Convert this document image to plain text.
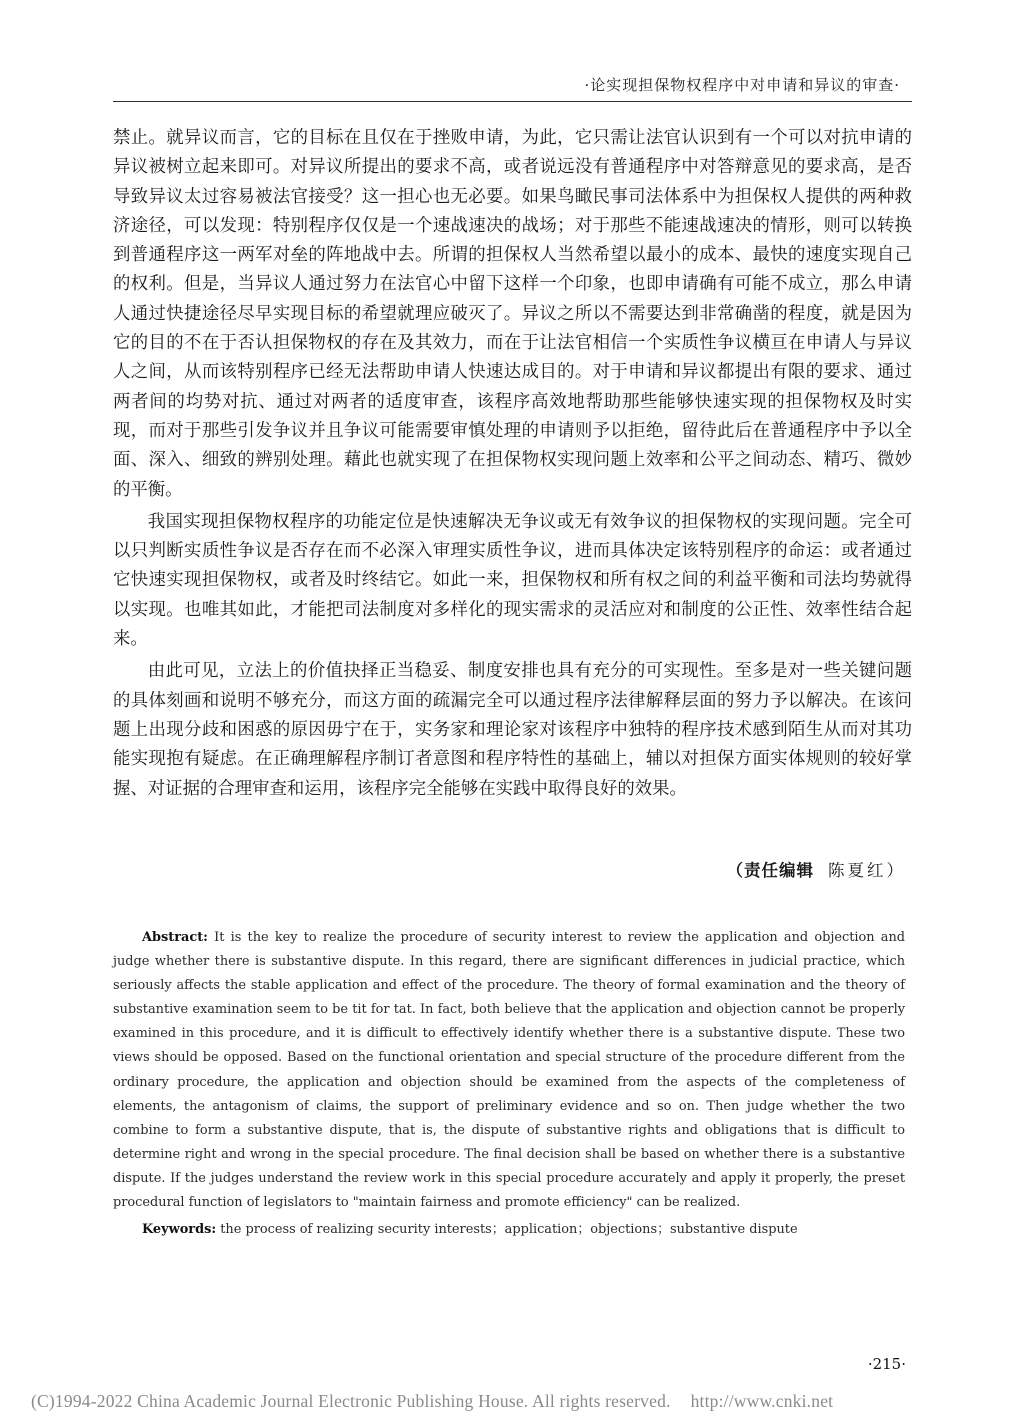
·论实现担保物权程序中对申请和异议的审查·

禁止。就异议而言，它的目标在且仅在于挫败申请，为此，它只需让法官认识到有一个可以对抗申请的异议被树立起来即可。对异议所提出的要求不高，或者说远没有普通程序中对答辩意见的要求高，是否导致异议太过容易被法官接受？这一担心也无必要。如果鸟瞰民事司法体系中为担保权人提供的两种救济途径，可以发现：特别程序仅仅是一个速战速决的战场；对于那些不能速战速决的情形，则可以转换到普通程序这一两军对垒的阵地战中去。所谓的担保权人当然希望以最小的成本、最快的速度实现自己的权利。但是，当异议人通过努力在法官心中留下这样一个印象，也即申请确有可能不成立，那么申请人通过快捷途径尽早实现目标的希望就理应破灭了。异议之所以不需要达到非常确凿的程度，就是因为它的目的不在于否认担保物权的存在及其效力，而在于让法官相信一个实质性争议横亘在申请人与异议人之间，从而该特别程序已经无法帮助申请人快速达成目的。对于申请和异议都提出有限的要求、通过两者间的均势对抗、通过对两者的适度审查，该程序高效地帮助那些能够快速实现的担保物权及时实现，而对于那些引发争议并且争议可能需要审慎处理的申请则予以拒绝，留待此后在普通程序中予以全面、深入、细致的辨别处理。藉此也就实现了在担保物权实现问题上效率和公平之间动态、精巧、微妙的平衡。

我国实现担保物权程序的功能定位是快速解决无争议或无有效争议的担保物权的实现问题。完全可以只判断实质性争议是否存在而不必深入审理实质性争议，进而具体决定该特别程序的命运：或者通过它快速实现担保物权，或者及时终结它。如此一来，担保物权和所有权之间的利益平衡和司法均势就得以实现。也唯其如此，才能把司法制度对多样化的现实需求的灵活应对和制度的公正性、效率性结合起来。

由此可见，立法上的价值抉择正当稳妥、制度安排也具有充分的可实现性。至多是对一些关键问题的具体刻画和说明不够充分，而这方面的疏漏完全可以通过程序法律解释层面的努力予以解决。在该问题上出现分歧和困惑的原因毋宁在于，实务家和理论家对该程序中独特的程序技术感到陌生从而对其功能实现抱有疑虑。在正确理解程序制订者意图和程序特性的基础上，辅以对担保方面实体规则的较好掌握、对证据的合理审查和运用，该程序完全能够在实践中取得良好的效果。

（责任编辑 陈夏红）

Abstract: It is the key to realize the procedure of security interest to review the application and objection and judge whether there is substantive dispute. In this regard, there are significant differences in judicial practice, which seriously affects the stable application and effect of the procedure. The theory of formal examination and the theory of substantive examination seem to be tit for tat. In fact, both believe that the application and objection cannot be properly examined in this procedure, and it is difficult to effectively identify whether there is a substantive dispute. These two views should be opposed. Based on the functional orientation and special structure of the procedure different from the ordinary procedure, the application and objection should be examined from the aspects of the completeness of elements, the antagonism of claims, the support of preliminary evidence and so on. Then judge whether the two combine to form a substantive dispute, that is, the dispute of substantive rights and obligations that is difficult to determine right and wrong in the special procedure. The final decision shall be based on whether there is a substantive dispute. If the judges understand the review work in this special procedure accurately and apply it properly, the preset procedural function of legislators to "maintain fairness and promote efficiency" can be realized.

Keywords: the process of realizing security interests；application；objections；substantive dispute
·215·
(C)1994-2022 China Academic Journal Electronic Publishing House. All rights reserved. http://www.cnki.net
